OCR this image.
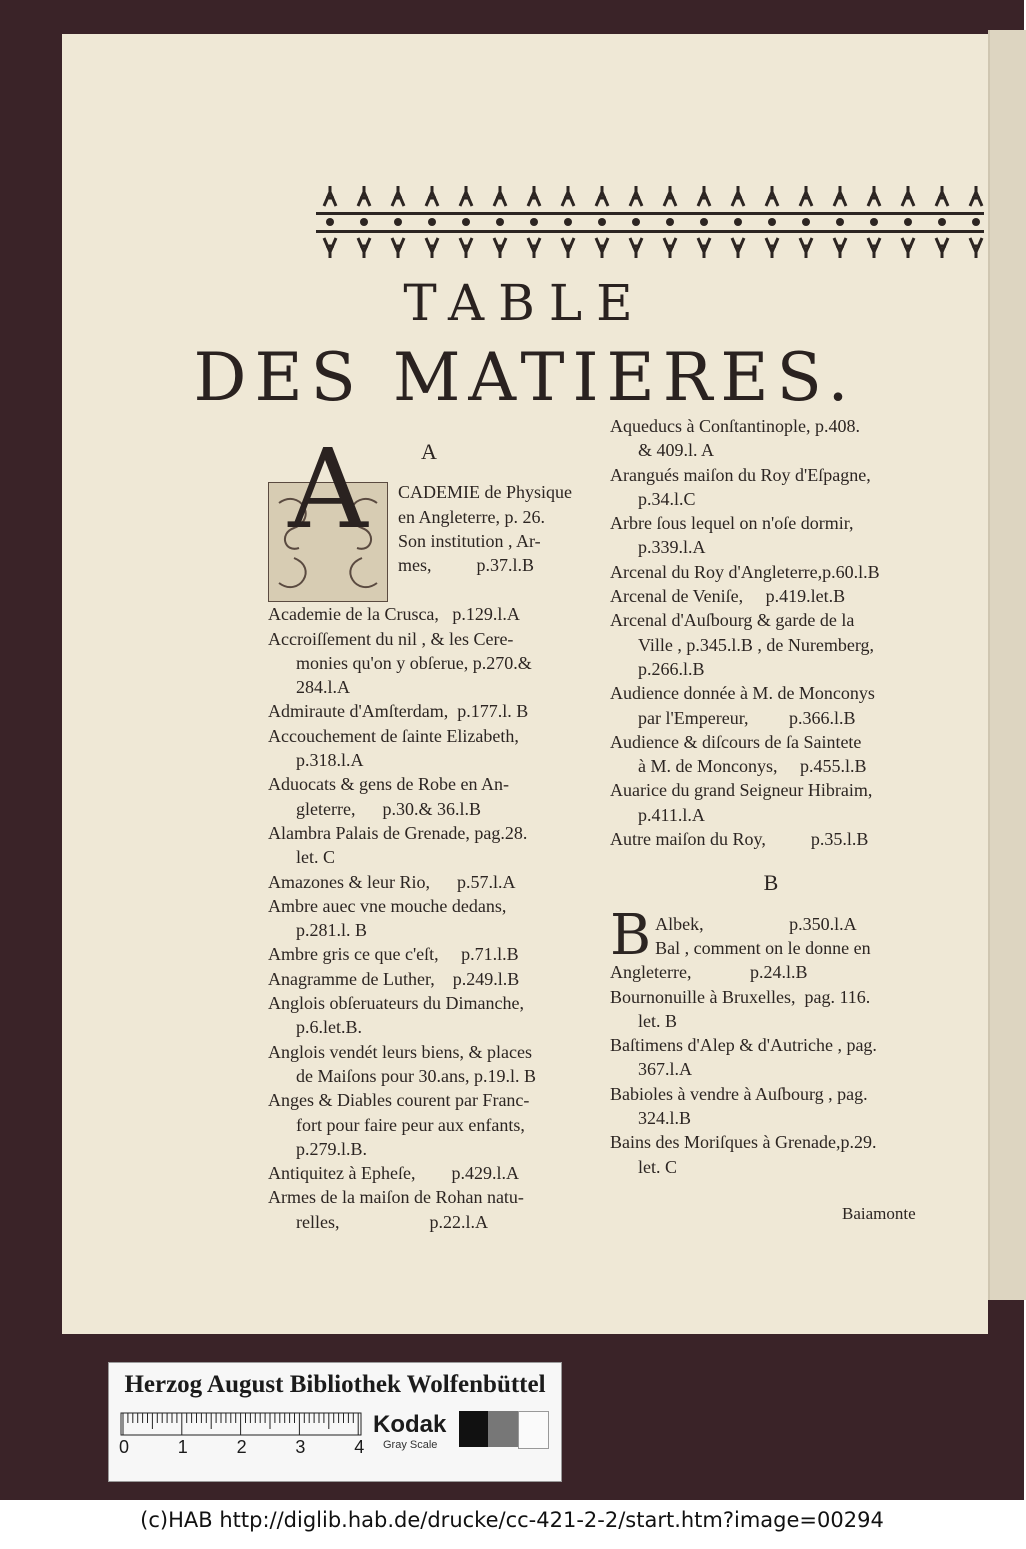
TABLE
DES MATIERES.
A
A	CADEMIE de Physique
en Angleterre, p. 26.
Son institution , Ar-
mes,          p.37.l.B
Academie de la Crusca,   p.129.l.A
Accroiſſement du nil , & les Cere-
monies qu'on y obſerue, p.270.&
284.l.A
Admiraute d'Amſterdam,  p.177.l. B
Accouchement de ſainte Elizabeth,
p.318.l.A
Aduocats & gens de Robe en An-
gleterre,      p.30.& 36.l.B
Alambra Palais de Grenade, pag.28.
let. C
Amazones & leur Rio,      p.57.l.A
Ambre auec vne mouche dedans,
p.281.l. B
Ambre gris ce que c'eſt,     p.71.l.B
Anagramme de Luther,    p.249.l.B
Anglois obſeruateurs du Dimanche,
p.6.let.B.
Anglois vendét leurs biens, & places
de Maiſons pour 30.ans, p.19.l. B
Anges & Diables courent par Franc-
fort pour faire peur aux enfants,
p.279.l.B.
Antiquitez à Epheſe,        p.429.l.A
Armes de la maiſon de Rohan natu-
relles,                    p.22.l.A
Aqueducs à Conſtantinople, p.408.
& 409.l. A
Arangués maiſon du Roy d'Eſpagne,
p.34.l.C
Arbre ſous lequel on n'oſe dormir,
p.339.l.A
Arcenal du Roy d'Angleterre,p.60.l.B
Arcenal de Veniſe,     p.419.let.B
Arcenal d'Auſbourg & garde de la
Ville , p.345.l.B , de Nuremberg,
p.266.l.B
Audience donnée à M. de Monconys
par l'Empereur,         p.366.l.B
Audience & diſcours de ſa Saintete
à M. de Monconys,     p.455.l.B
Auarice du grand Seigneur Hibraim,
p.411.l.A
Autre maiſon du Roy,          p.35.l.B
B
B Albek,                   p.350.l.A
Bal , comment on le donne en
Angleterre,             p.24.l.B
Bournonuille à Bruxelles,  pag. 116.
let. B
Baſtimens d'Alep & d'Autriche , pag.
367.l.A
Babioles à vendre à Auſbourg , pag.
324.l.B
Bains des Moriſques à Grenade,p.29.
let. C
Baiamonte
Herzog August Bibliothek Wolfenbüttel
0	1	2	3	4
Kodak
Gray Scale
(c)HAB http://diglib.hab.de/drucke/cc-421-2-2/start.htm?image=00294
